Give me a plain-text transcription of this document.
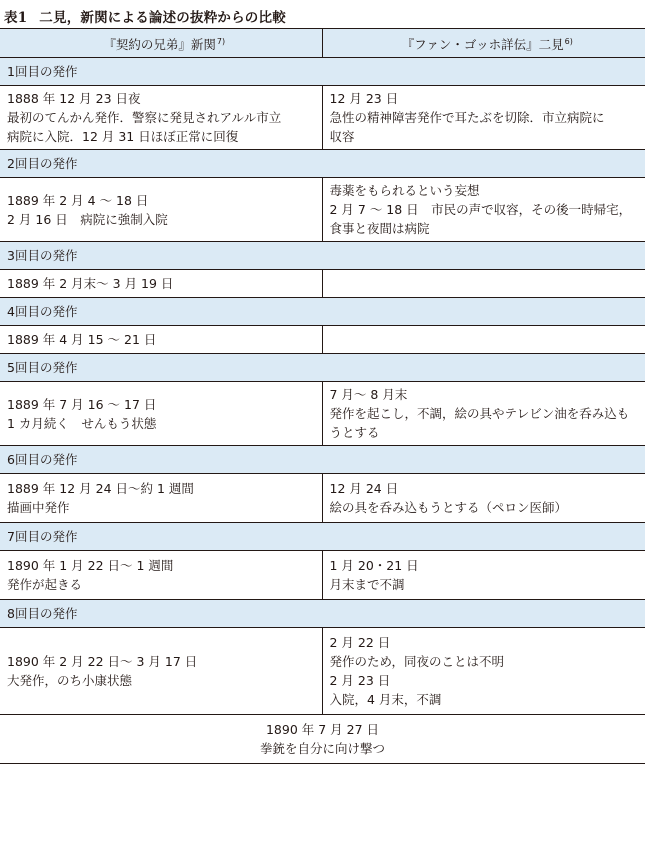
表1 二見，新関による論述の抜粋からの比較
『契約の兄弟』新関$^{7)}$	『ファン・ゴッホ詳伝』二見$^{6)}$
1回目の発作	

1888 年 12 月 23 日夜
最初のてんかん発作．警察に発見されアルル市立
病院に入院．12 月 31 日ほぼ正常に回復	12 月 23 日
急性の精神障害発作で耳たぶを切除．市立病院に
収容

2回目の発作	

1889 年 2 月 4 ～ 18 日
2 月 16 日　病院に強制入院	毒薬をもられるという妄想
2 月 7 ～ 18 日　市民の声で収容，その後一時帰宅，
食事と夜間は病院

3回目の発作	

1889 年 2 月末～ 3 月 19 日	

4回目の発作	

1889 年 4 月 15 ～ 21 日	

5回目の発作	

1889 年 7 月 16 ～ 17 日
1 カ月続く　せんもう状態	7 月～ 8 月末
発作を起こし，不調，絵の具やテレビン油を呑み込も
うとする

6回目の発作	

1889 年 12 月 24 日～約 1 週間
描画中発作	12 月 24 日
絵の具を呑み込もうとする（ペロン医師）

7回目の発作	

1890 年 1 月 22 日～ 1 週間
発作が起きる	1 月 20・21 日
月末まで不調

8回目の発作	

1890 年 2 月 22 日～ 3 月 17 日
大発作，のち小康状態	2 月 22 日
発作のため，同夜のことは不明
2 月 23 日
入院，4 月末，不調

1890 年 7 月 27 日
拳銃を自分に向け撃つ	
